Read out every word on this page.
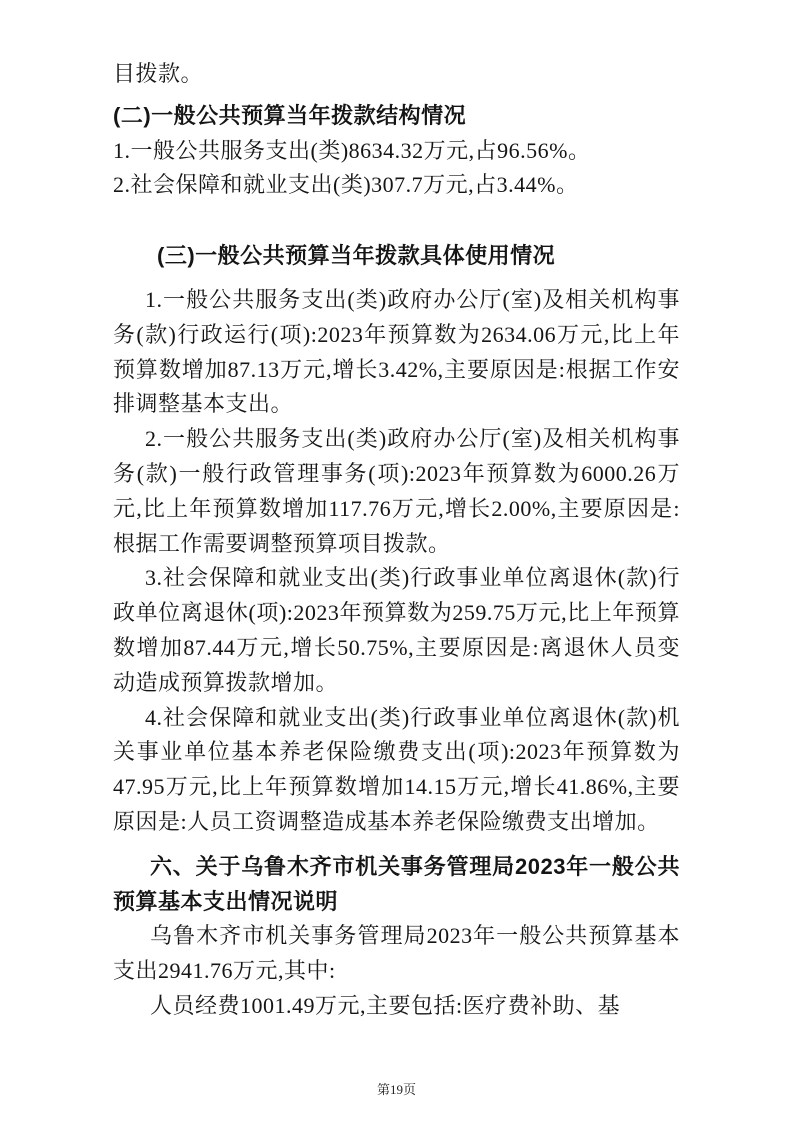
目拨款。

(二)一般公共预算当年拨款结构情况

1.一般公共服务支出(类)8634.32万元,占96.56%。

2.社会保障和就业支出(类)307.7万元,占3.44%。

(三)一般公共预算当年拨款具体使用情况

1.一般公共服务支出(类)政府办公厅(室)及相关机构事务(款)行政运行(项):2023年预算数为2634.06万元,比上年预算数增加87.13万元,增长3.42%,主要原因是:根据工作安排调整基本支出。

2.一般公共服务支出(类)政府办公厅(室)及相关机构事务(款)一般行政管理事务(项):2023年预算数为6000.26万元,比上年预算数增加117.76万元,增长2.00%,主要原因是:根据工作需要调整预算项目拨款。

3.社会保障和就业支出(类)行政事业单位离退休(款)行政单位离退休(项):2023年预算数为259.75万元,比上年预算数增加87.44万元,增长50.75%,主要原因是:离退休人员变动造成预算拨款增加。

4.社会保障和就业支出(类)行政事业单位离退休(款)机关事业单位基本养老保险缴费支出(项):2023年预算数为47.95万元,比上年预算数增加14.15万元,增长41.86%,主要原因是:人员工资调整造成基本养老保险缴费支出增加。

六、关于乌鲁木齐市机关事务管理局2023年一般公共预算基本支出情况说明

乌鲁木齐市机关事务管理局2023年一般公共预算基本支出2941.76万元,其中:

人员经费1001.49万元,主要包括:医疗费补助、基

第19页
